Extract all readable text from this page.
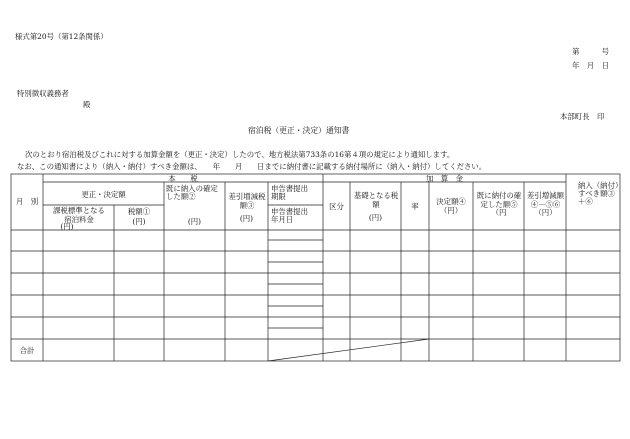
様式第20号（第12条関係）
第　　　号
年　月　日
特別徴収義務者
殿
本部町長　印
宿泊税（更正・決定）通知書
次のとおり宿泊税及びこれに対する加算金額を（更正・決定）したので、地方税法第733条の16第４項の規定により通知します。
なお、この通知書により（納入・納付）すべき金額は、　　年　　月　　日までに納付書に記載する納付場所に（納入・納付）してください。
月　別
本　　税	加　算　金
更正・決定額
課税標準となる宿泊料金
(円)
税額①
(円)
既に納入の確定した額②
(円)
差引増減税額③
(円)
申告書提出期限
申告書提出年月日
区分
基礎となる税額
(円)
率
決定額④（円）
既に納付の確定した額⑤（円
差引増減額④－⑤⑥（円）
納入（納付）すべき額③＋⑥
合計
